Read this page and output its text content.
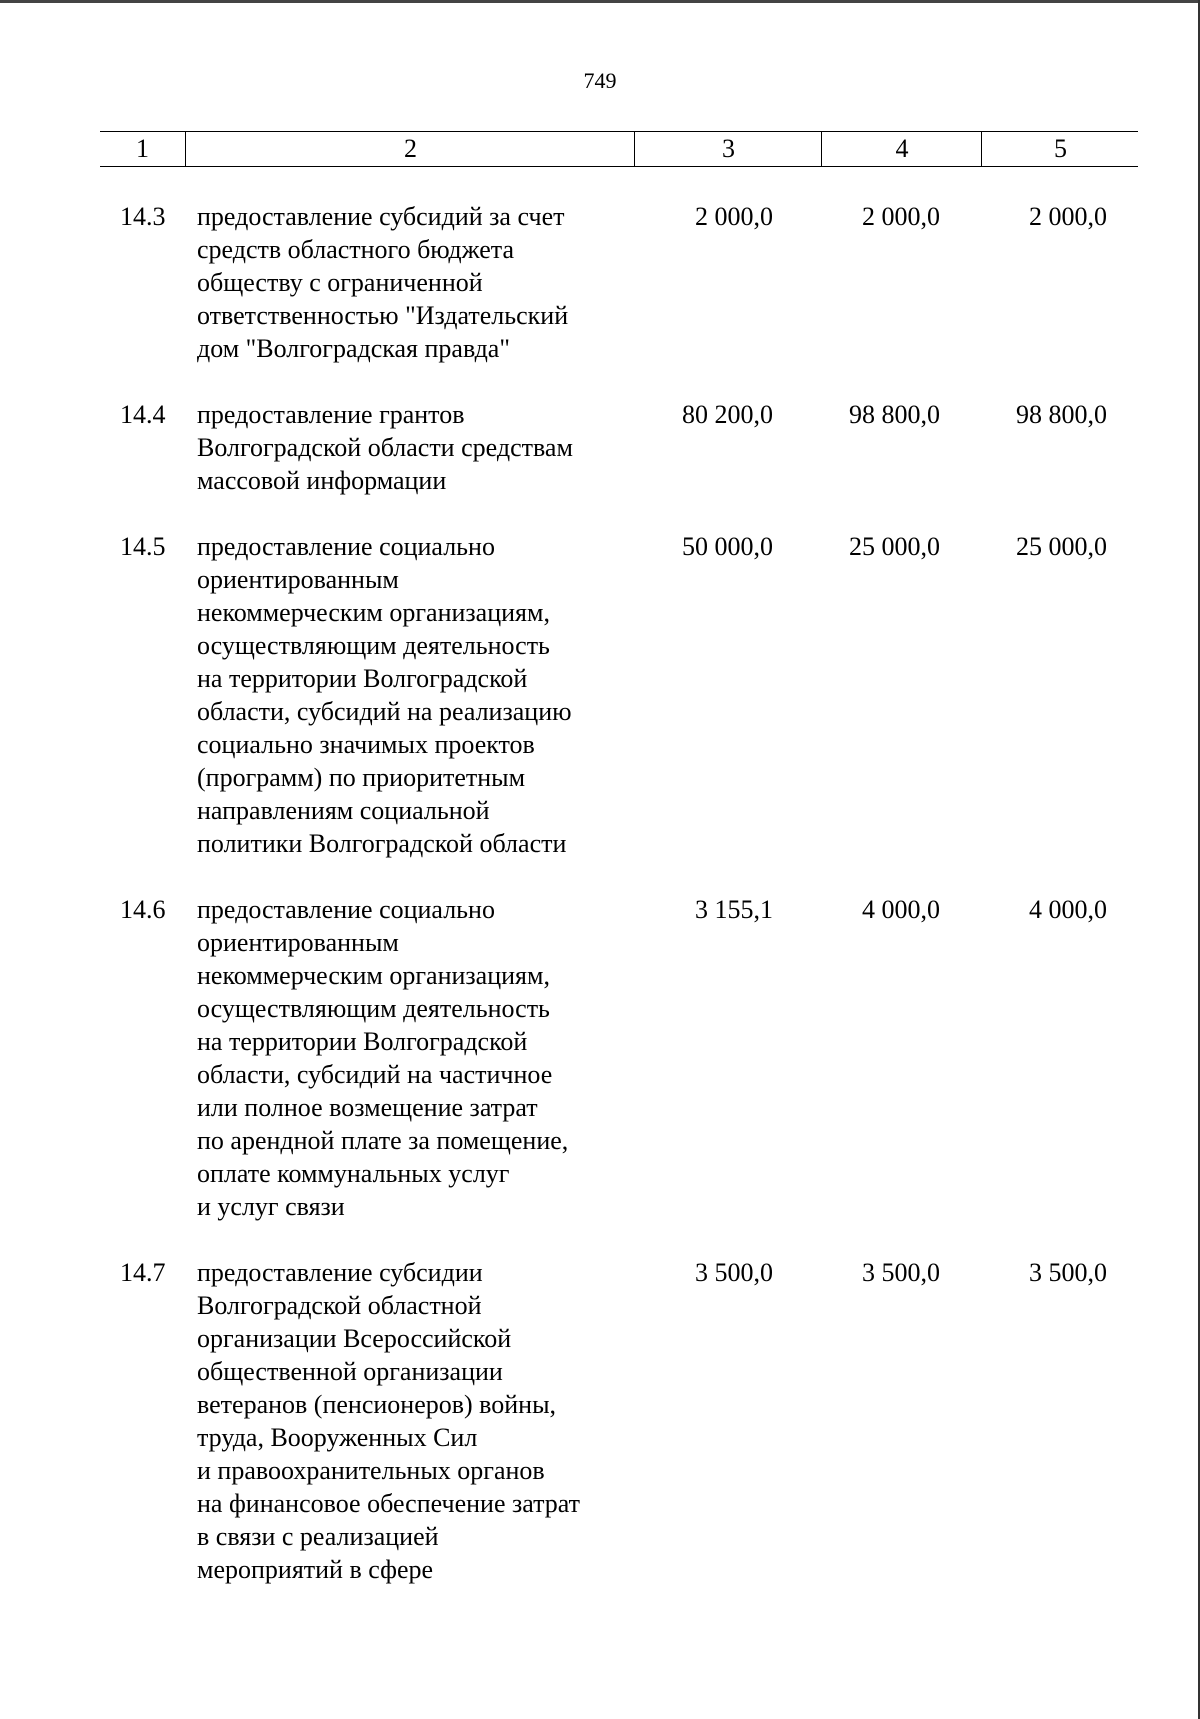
749
1	2	3	4	5
14.3 предоставление субсидий за счет
средств областного бюджета
обществу с ограниченной
ответственностью "Издательский
дом "Волгоградская правда"
2 000,0	2 000,0	2 000,0
14.4 предоставление грантов
Волгоградской области средствам
массовой информации
80 200,0	98 800,0	98 800,0
14.5 предоставление социально
ориентированным
некоммерческим организациям,
осуществляющим деятельность
на территории Волгоградской
области, субсидий на реализацию
социально значимых проектов
(программ) по приоритетным
направлениям социальной
политики Волгоградской области
50 000,0	25 000,0	25 000,0
14.6 предоставление социально
ориентированным
некоммерческим организациям,
осуществляющим деятельность
на территории Волгоградской
области, субсидий на частичное
или полное возмещение затрат
по арендной плате за помещение,
оплате коммунальных услуг
и услуг связи
3 155,1	4 000,0	4 000,0
14.7 предоставление субсидии
Волгоградской областной
организации Всероссийской
общественной организации
ветеранов (пенсионеров) войны,
труда, Вооруженных Сил
и правоохранительных органов
на финансовое обеспечение затрат
в связи с реализацией
мероприятий в сфере
3 500,0	3 500,0	3 500,0
